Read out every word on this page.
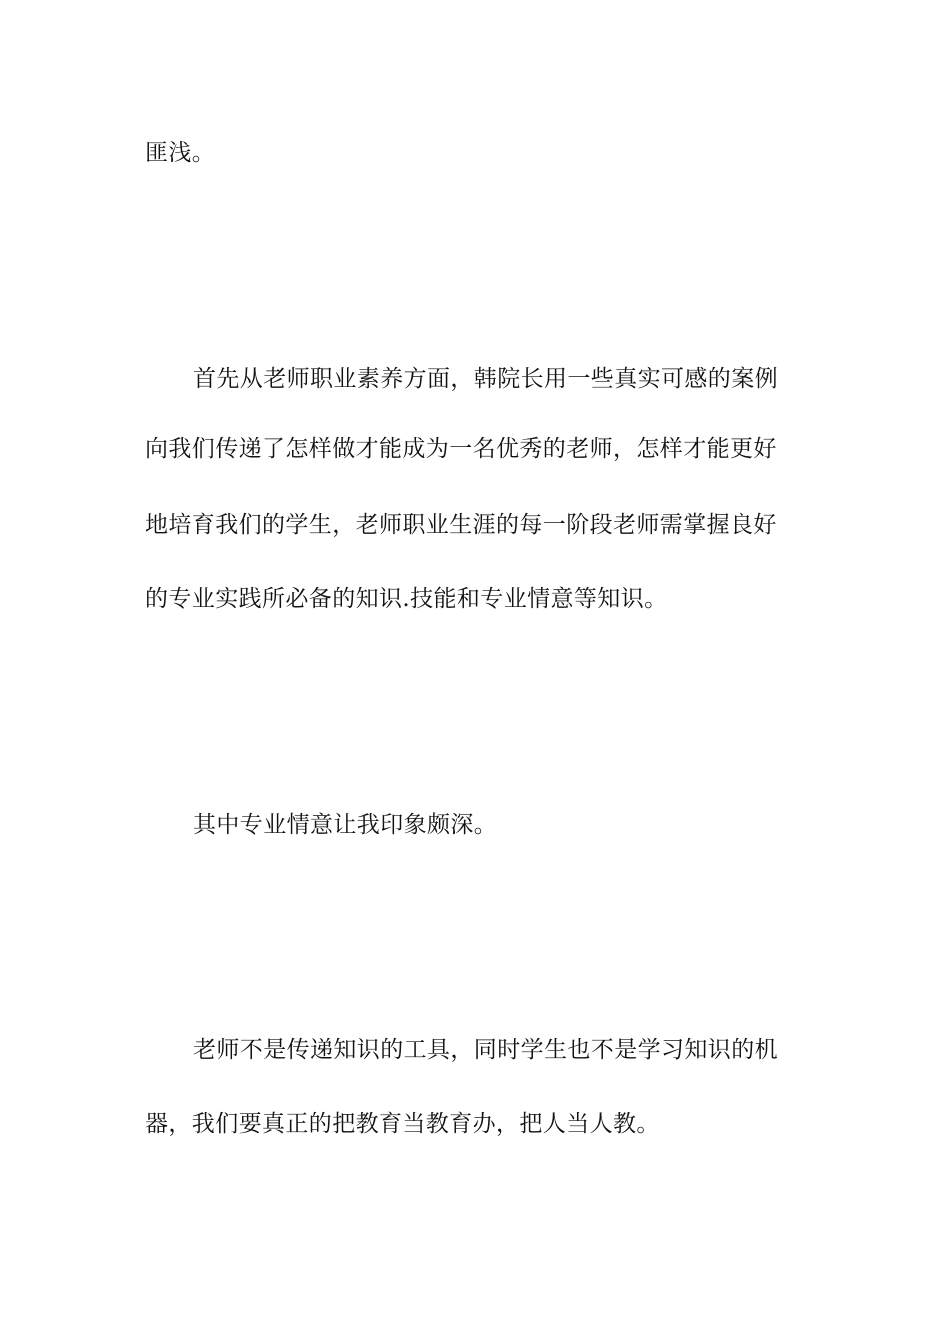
匪浅。
首先从老师职业素养方面，韩院长用一些真实可感的案例
向我们传递了怎样做才能成为一名优秀的老师，怎样才能更好
地培育我们的学生，老师职业生涯的每一阶段老师需掌握良好
的专业实践所必备的知识.技能和专业情意等知识。
其中专业情意让我印象颇深。
老师不是传递知识的工具，同时学生也不是学习知识的机
器，我们要真正的把教育当教育办，把人当人教。
